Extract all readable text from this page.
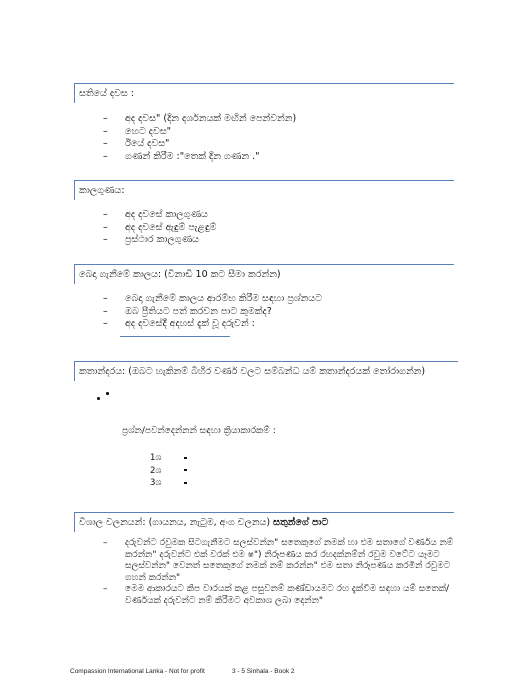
සතියේ දවස :
– අද දවස" (දින දර්ශනයක් මඟින් පෙන්වන්න)
– හෙට දවස"
– ඊයේ දවස"
– ගණන් කිරීම :"තෙක් දින ගණන ."
කාලගුණය:
– අද දවසේ කාලගුණය
– අද දවසේ ඇඳුම් පැළඳුම්
– ප්‍රස්ථාර කාලගුණය
බෙදා ගැනීමේ කාලය: (විනාඩි 10 කට සීමා කරන්න)
– බෙදා ගැනීමේ කාලය ආරම්භ කිරීම සඳහා ප්‍රශ්නයට
– ඔබ ප්‍රීතියට පත් කරවන පාට කුමක්ද?
– අද දවසේදී අදහස් දැක් වූ දරුවන් :
කතාන්දරය: (ඔබට හැකිනම් බිහිර වර්ණ වලට සම්බන්ධ යම් කතාන්දරයක් තෝරාගන්න)
ප්‍රශ්න/පවන්දෙන්නන් සඳහා ක්‍රියාකාරකම් :
1ශ
2ශ
3ශ
විශාල වලනයන්: (ගායනය, නැටුම, අංග චලනය) සතුන්ගේ පාට
– දරුවන්ට රවුමක සිටගැනීමට සලස්වන්න" සතෙකුගේ නමක් හා එම සතාගේ වර්ණය නම් කරන්න" දරුවන්ට එක් වරක් එම ෂ") නිරූපණය කර රහදක්නම්න් රවුම වටේට යෑමට සලස්වන්න" වෙනත් සතෙකුගේ නමක් නම් කරන්න" එම සතා නිරූපණය කරමින් රවුමට ගහන් කරන්න"
– මෙම ආකාරයට කිප වාරයක් කළ පසුවනම් කණ්ඩායමට රහ දැක්වීම සඳහා යම් සතෙක්/වර්ණයක් දරුවන්ට නම් කිරීමට අවකාශ ලබා දෙන්න"
Compassion International Lanka - Not for profit	3 - 5 Sinhala - Book 2
